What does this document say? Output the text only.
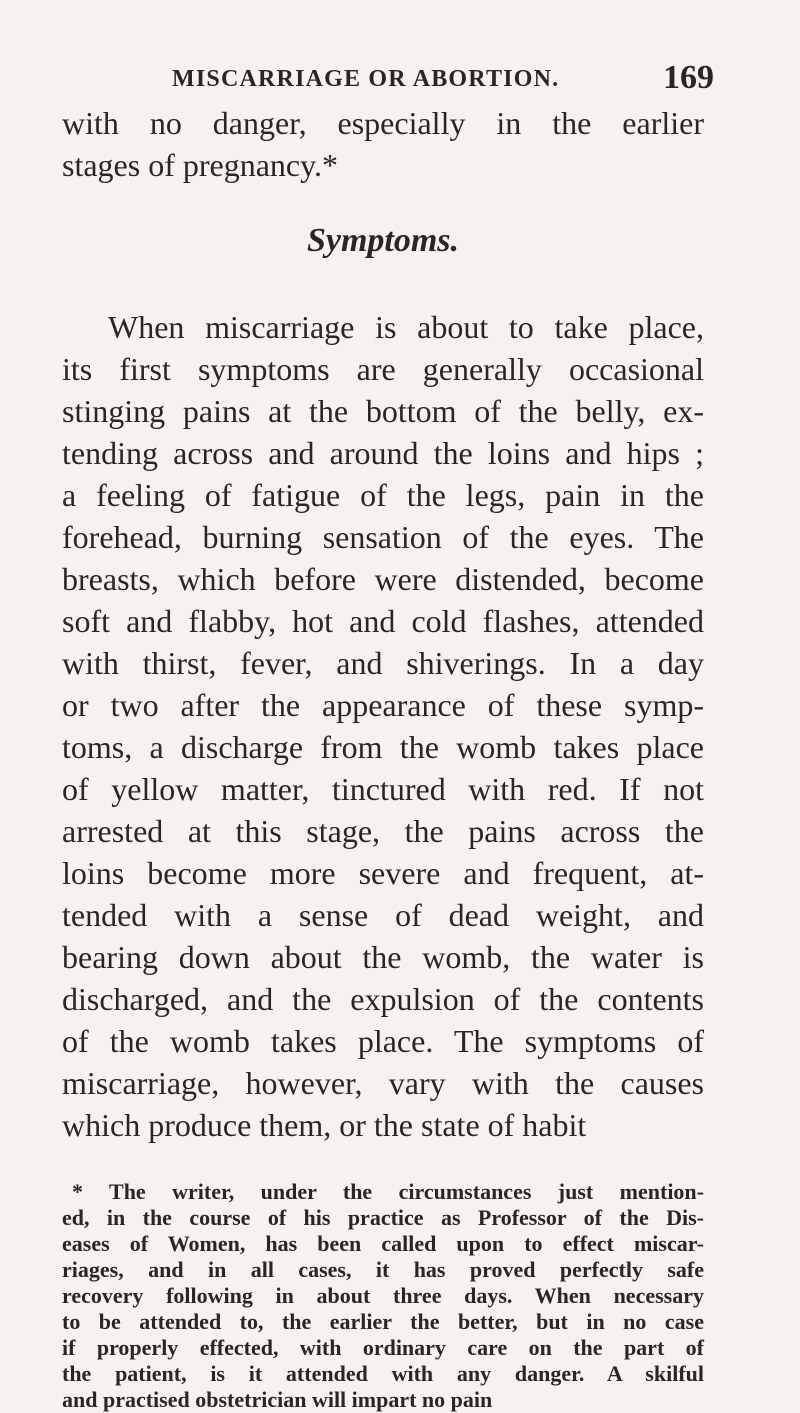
MISCARRIAGE OR ABORTION.	169
with no danger, especially in the earlier
stages of pregnancy.*
Symptoms.
When miscarriage is about to take place,
its first symptoms are generally occasional
stinging pains at the bottom of the belly, ex-
tending across and around the loins and hips ;
a feeling of fatigue of the legs, pain in the
forehead, burning sensation of the eyes. The
breasts, which before were distended, become
soft and flabby, hot and cold flashes, attended
with thirst, fever, and shiverings. In a day
or two after the appearance of these symp-
toms, a discharge from the womb takes place
of yellow matter, tinctured with red. If not
arrested at this stage, the pains across the
loins become more severe and frequent, at-
tended with a sense of dead weight, and
bearing down about the womb, the water is
discharged, and the expulsion of the contents
of the womb takes place. The symptoms of
miscarriage, however, vary with the causes
which produce them, or the state of habit
* The writer, under the circumstances just mention-
ed, in the course of his practice as Professor of the Dis-
eases of Women, has been called upon to effect miscar-
riages, and in all cases, it has proved perfectly safe
recovery following in about three days. When necessary
to be attended to, the earlier the better, but in no case
if properly effected, with ordinary care on the part of
the patient, is it attended with any danger. A skilful
and practised obstetrician will impart no pain
